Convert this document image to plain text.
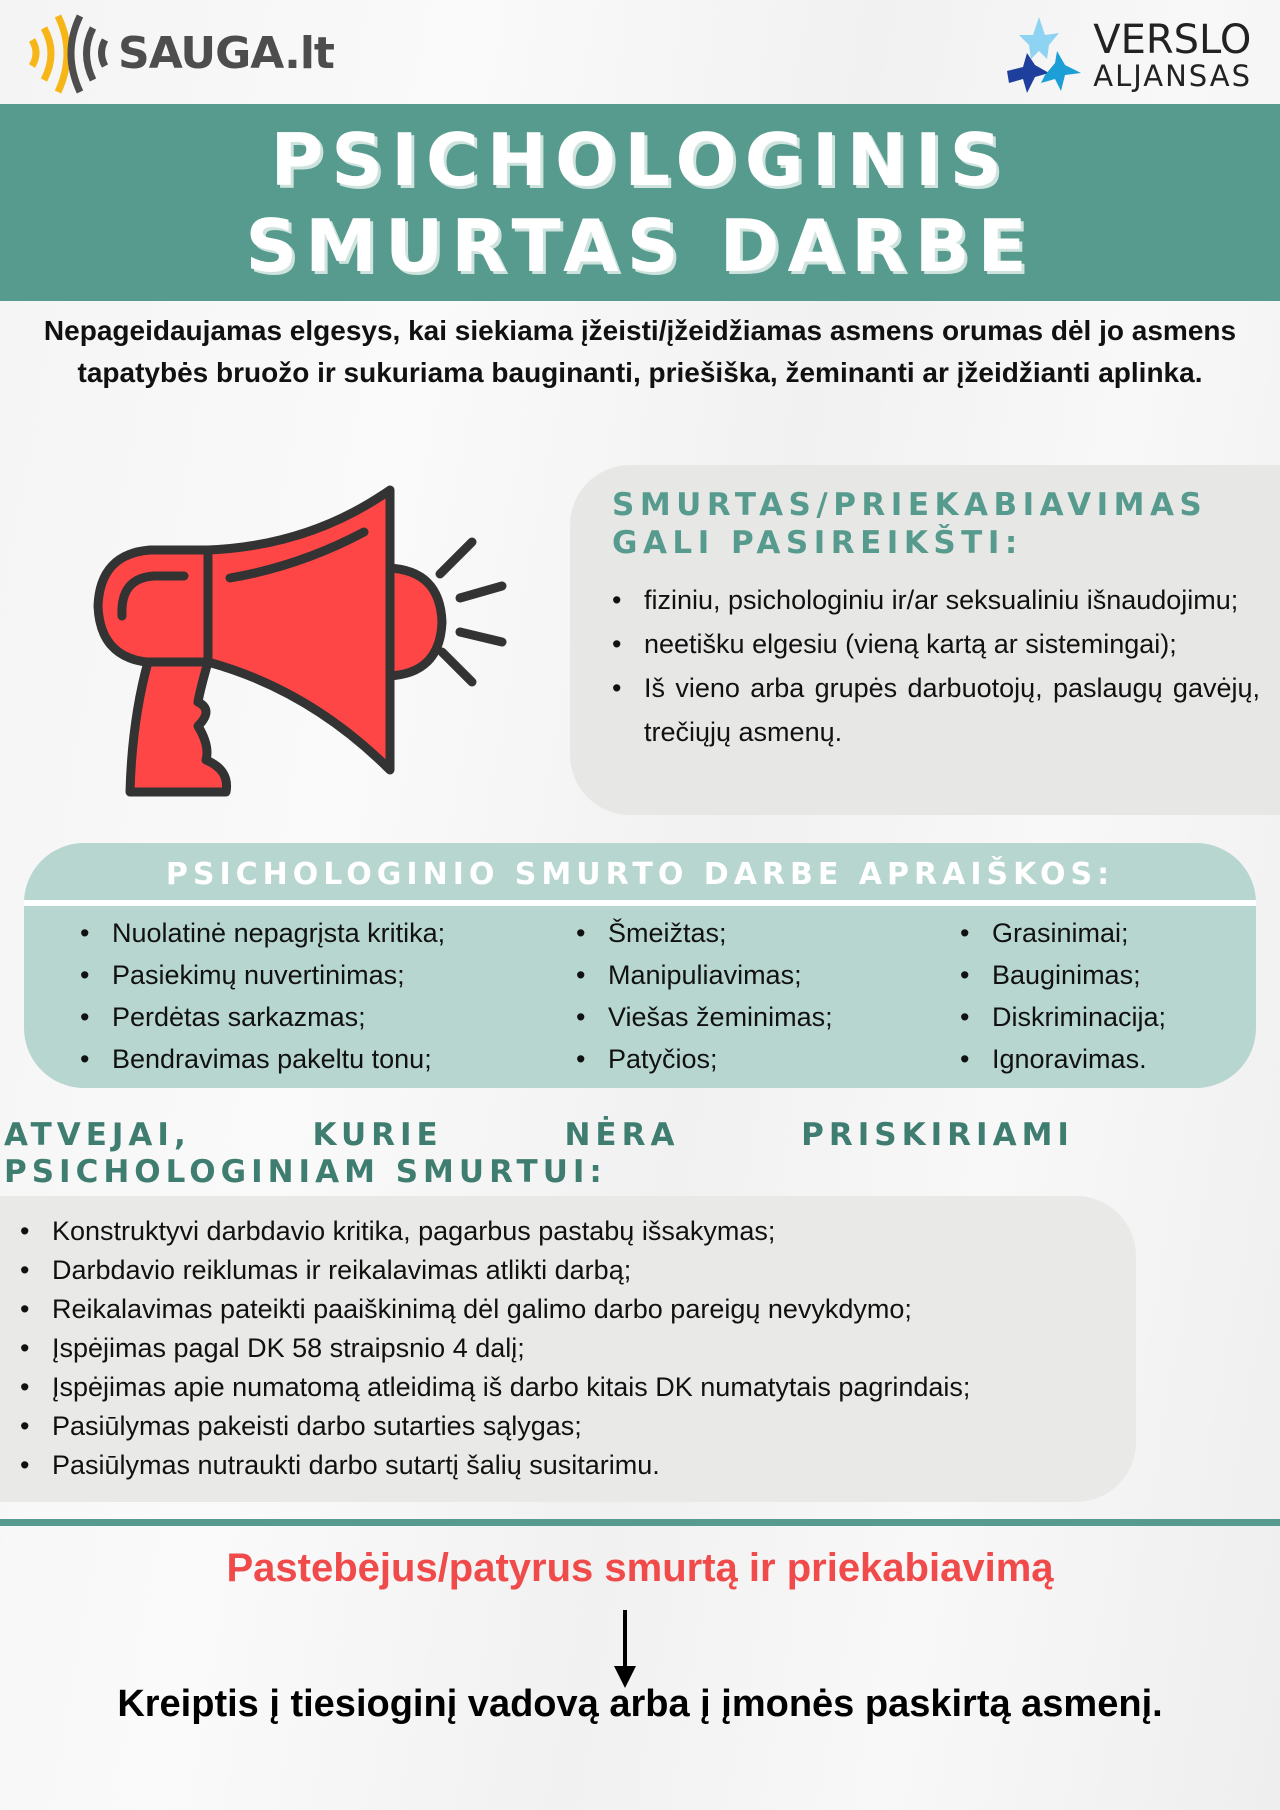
SAUGA.lt	VERSLO
ALJANSAS
PSICHOLOGINIS
SMURTAS DARBE

Nepageidaujamas elgesys, kai siekiama įžeisti/įžeidžiamas asmens orumas dėl jo asmens tapatybės bruožo ir sukuriama bauginanti, priešiška, žeminanti ar įžeidžianti aplinka.

SMURTAS/PRIEKABIAVIMAS
GALI PASIREIKŠTI:
• fiziniu, psichologiniu ir/ar seksualiniu išnaudojimu;
• neetišku elgesiu (vieną kartą ar sistemingai);
• Iš vieno arba grupės darbuotojų, paslaugų gavėjų, trečiųjų asmenų.
PSICHOLOGINIO SMURTO DARBE APRAIŠKOS:
• Nuolatinė nepagrįsta kritika;
• Pasiekimų nuvertinimas;
• Perdėtas sarkazmas;
• Bendravimas pakeltu tonu;
• Šmeižtas;
• Manipuliavimas;
• Viešas žeminimas;
• Patyčios;
• Grasinimai;
• Bauginimas;
• Diskriminacija;
• Ignoravimas.
ATVEJAI,	KURIE	NĖRA	PRISKIRIAMI
PSICHOLOGINIAM SMURTUI:
• Konstruktyvi darbdavio kritika, pagarbus pastabų išsakymas;
• Darbdavio reiklumas ir reikalavimas atlikti darbą;
• Reikalavimas pateikti paaiškinimą dėl galimo darbo pareigų nevykdymo;
• Įspėjimas pagal DK 58 straipsnio 4 dalį;
• Įspėjimas apie numatomą atleidimą iš darbo kitais DK numatytais pagrindais;
• Pasiūlymas pakeisti darbo sutarties sąlygas;
• Pasiūlymas nutraukti darbo sutartį šalių susitarimu.
Pastebėjus/patyrus smurtą ir priekabiavimą
Kreiptis į tiesioginį vadovą arba į įmonės paskirtą asmenį.
